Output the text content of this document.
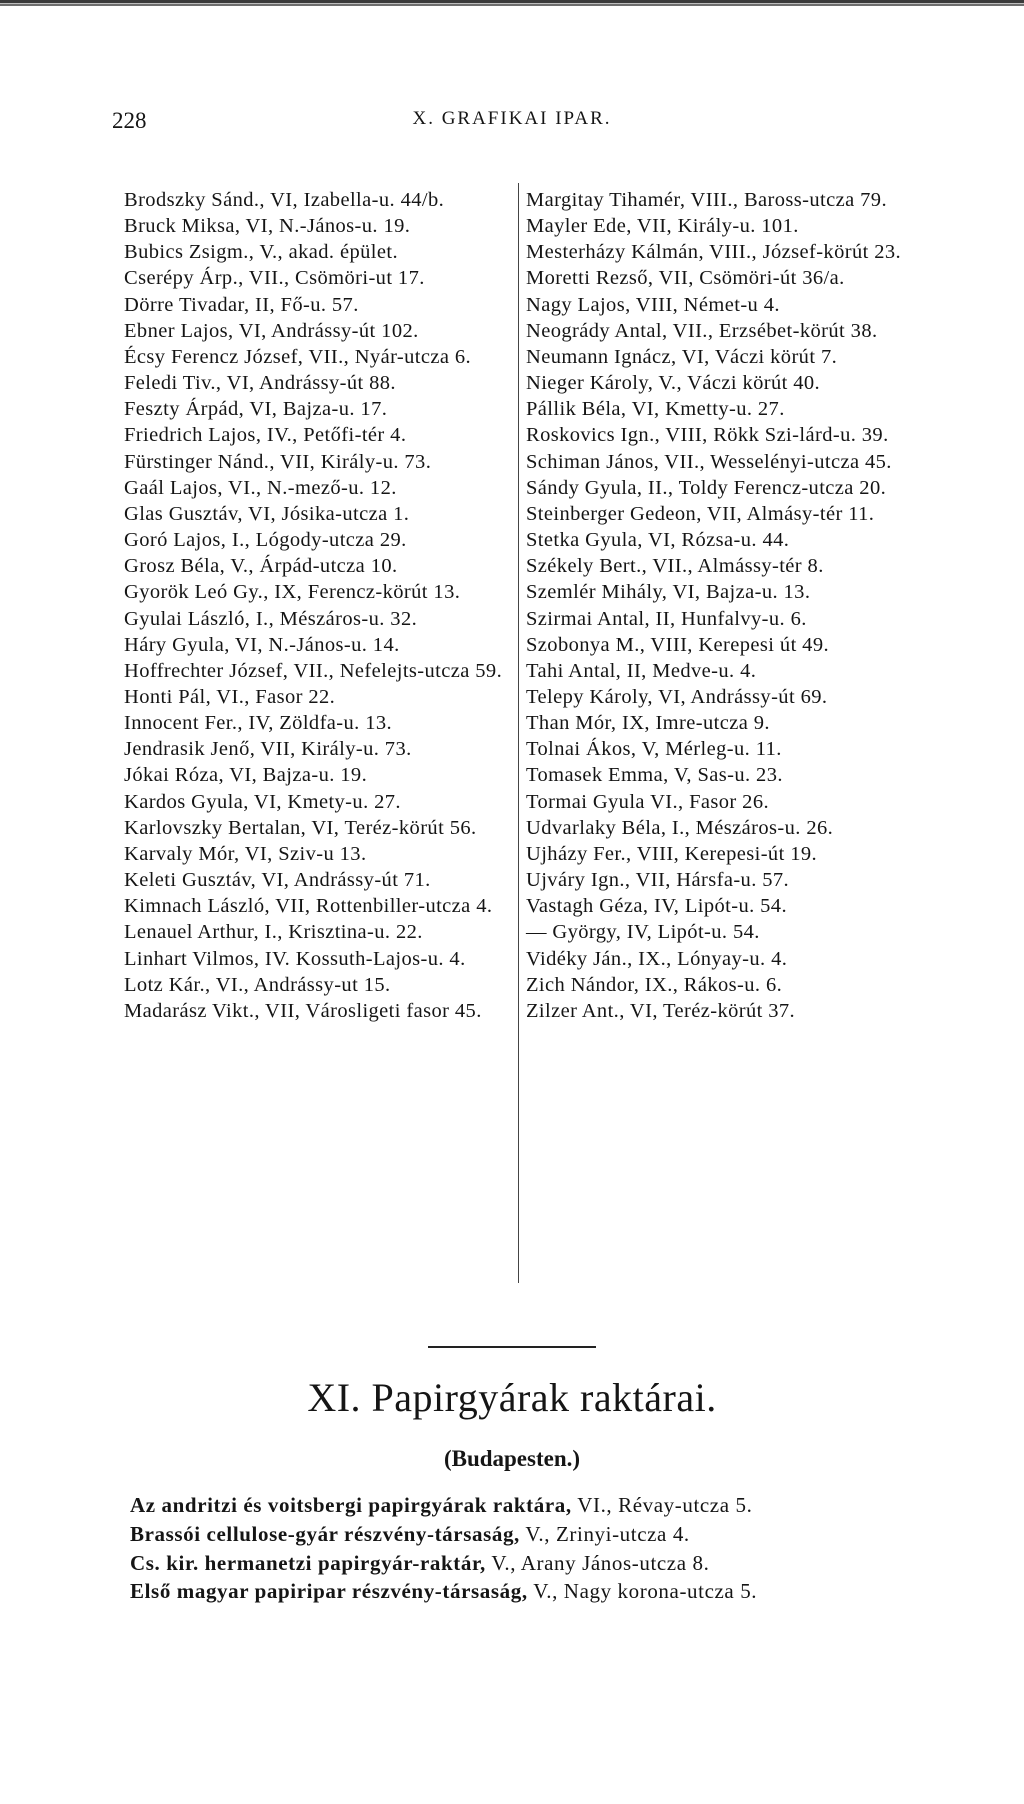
228	X. GRAFIKAI IPAR.
Brodszky Sánd., VI, Izabella-u. 44/b.
Bruck Miksa, VI, N.-János-u. 19.
Bubics Zsigm., V., akad. épület.
Cserépy Árp., VII., Csömöri-ut 17.
Dörre Tivadar, II, Fő-u. 57.
Ebner Lajos, VI, Andrássy-út 102.
Écsy Ferencz József, VII., Nyár-utcza 6.
Feledi Tiv., VI, Andrássy-út 88.
Feszty Árpád, VI, Bajza-u. 17.
Friedrich Lajos, IV., Petőfi-tér 4.
Fürstinger Nánd., VII, Király-u. 73.
Gaál Lajos, VI., N.-mező-u. 12.
Glas Gusztáv, VI, Jósika-utcza 1.
Goró Lajos, I., Lógody-utcza 29.
Grosz Béla, V., Árpád-utcza 10.
Gyorök Leó Gy., IX, Ferencz-körút 13.
Gyulai László, I., Mészáros-u. 32.
Háry Gyula, VI, N.-János-u. 14.
Hoffrechter József, VII., Nefelejts-utcza 59.
Honti Pál, VI., Fasor 22.
Innocent Fer., IV, Zöldfa-u. 13.
Jendrasik Jenő, VII, Király-u. 73.
Jókai Róza, VI, Bajza-u. 19.
Kardos Gyula, VI, Kmety-u. 27.
Karlovszky Bertalan, VI, Teréz-körút 56.
Karvaly Mór, VI, Sziv-u 13.
Keleti Gusztáv, VI, Andrássy-út 71.
Kimnach László, VII, Rottenbiller-utcza 4.
Lenauel Arthur, I., Krisztina-u. 22.
Linhart Vilmos, IV. Kossuth-Lajos-u. 4.
Lotz Kár., VI., Andrássy-ut 15.
Madarász Vikt., VII, Városligeti fasor 45.
Margitay Tihamér, VIII., Baross-utcza 79.
Mayler Ede, VII, Király-u. 101.
Mesterházy Kálmán, VIII., József-körút 23.
Moretti Rezső, VII, Csömöri-út 36/a.
Nagy Lajos, VIII, Német-u 4.
Neogrády Antal, VII., Erzsébet-körút 38.
Neumann Ignácz, VI, Váczi körút 7.
Nieger Károly, V., Váczi körút 40.
Pállik Béla, VI, Kmetty-u. 27.
Roskovics Ign., VIII, Rökk Szi-lárd-u. 39.
Schiman János, VII., Wesselényi-utcza 45.
Sándy Gyula, II., Toldy Ferencz-utcza 20.
Steinberger Gedeon, VII, Almásy-tér 11.
Stetka Gyula, VI, Rózsa-u. 44.
Székely Bert., VII., Almássy-tér 8.
Szemlér Mihály, VI, Bajza-u. 13.
Szirmai Antal, II, Hunfalvy-u. 6.
Szobonya M., VIII, Kerepesi út 49.
Tahi Antal, II, Medve-u. 4.
Telepy Károly, VI, Andrássy-út 69.
Than Mór, IX, Imre-utcza 9.
Tolnai Ákos, V, Mérleg-u. 11.
Tomasek Emma, V, Sas-u. 23.
Tormai Gyula VI., Fasor 26.
Udvarlaky Béla, I., Mészáros-u. 26.
Ujházy Fer., VIII, Kerepesi-út 19.
Ujváry Ign., VII, Hársfa-u. 57.
Vastagh Géza, IV, Lipót-u. 54.
— György, IV, Lipót-u. 54.
Vidéky Ján., IX., Lónyay-u. 4.
Zich Nándor, IX., Rákos-u. 6.
Zilzer Ant., VI, Teréz-körút 37.
XI. Papirgyárak raktárai.
(Budapesten.)
Az andritzi és voitsbergi papirgyárak raktára, VI., Révay-utcza 5.
Brassói cellulose-gyár részvény-társaság, V., Zrinyi-utcza 4.
Cs. kir. hermanetzi papirgyár-raktár, V., Arany János-utcza 8.
Első magyar papiripar részvény-társaság, V., Nagy korona-utcza 5.
